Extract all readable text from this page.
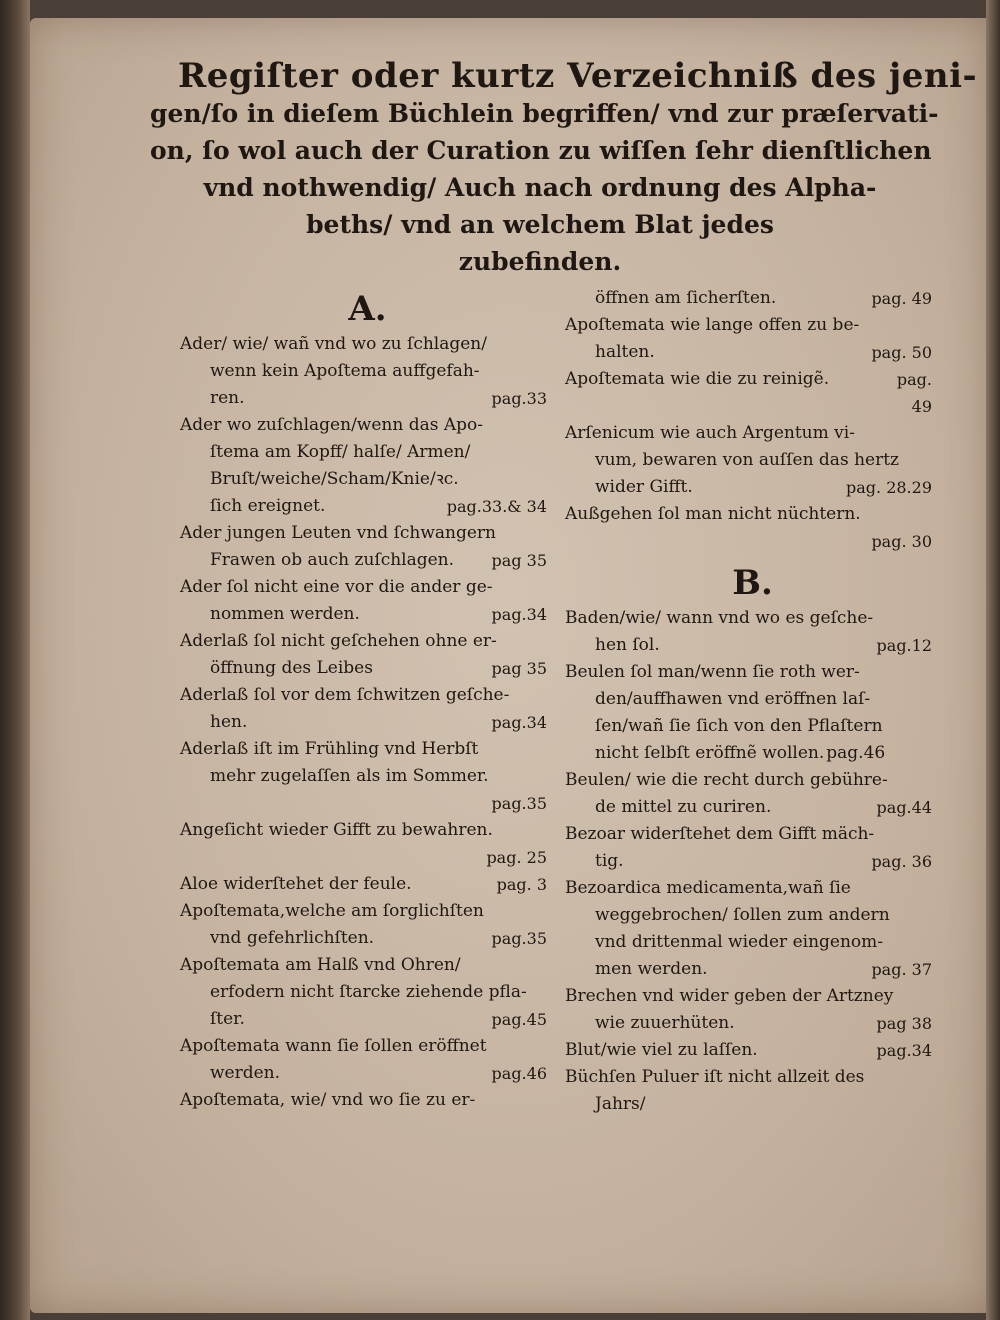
Regiſter oder kurtz Verzeichniß des jeni-
gen/ſo in dieſem Büchlein begriffen/ vnd zur præſervati-
on, ſo wol auch der Curation zu wiſſen ſehr dienſtlichen
vnd nothwendig/ Auch nach ordnung des Alpha-
beths/ vnd an welchem Blat jedes
zubefinden.
A.
Ader/ wie/ wañ vnd wo zu ſchlagen/
wenn kein Apoſtema auffgefah-
ren.	pag.33
Ader wo zuſchlagen/wenn das Apo-
ſtema am Kopff/ halſe/ Armen/
Bruſt/weiche/Scham/Knie/ꝛc.
ſich ereignet.	pag.33.& 34
Ader jungen Leuten vnd ſchwangern
Frawen ob auch zuſchlagen. pag 35
Ader ſol nicht eine vor die ander ge-
nommen werden.	pag.34
Aderlaß ſol nicht geſchehen ohne er-
öffnung des Leibes	pag 35
Aderlaß ſol vor dem ſchwitzen geſche-
hen.	pag.34
Aderlaß iſt im Frühling vnd Herbſt
mehr zugelaſſen als im Sommer.
pag.35
Angeſicht wieder Gifft zu bewahren.
pag. 25
Aloe widerſtehet der feule.	pag. 3
Apoſtemata,welche am ſorglichſten
vnd gefehrlichſten.	pag.35
Apoſtemata am Halß vnd Ohren/
erfodern nicht ſtarcke ziehende pfla-
ſter.	pag.45
Apoſtemata wann ſie ſollen eröffnet
werden.	pag.46
Apoſtemata, wie/ vnd wo ſie zu er-
öffnen am ſicherſten.	pag. 49
Apoſtemata wie lange offen zu be-
halten.	pag. 50
Apoſtemata wie die zu reinigẽ.	pag.
49
Arſenicum wie auch Argentum vi-
vum, bewaren von auſſen das hertz
wider Gifft.	pag. 28.29
Außgehen ſol man nicht nüchtern.
pag. 30
B.
Baden/wie/ wann vnd wo es geſche-
hen ſol.	pag.12
Beulen ſol man/wenn ſie roth wer-
den/auffhawen vnd eröffnen laſ-
ſen/wañ ſie ſich von den Pflaſtern
nicht ſelbſt eröffnẽ wollen. pag.46
Beulen/ wie die recht durch gebühre-
de mittel zu curiren.	pag.44
Bezoar widerſtehet dem Gifft mäch-
tig.	pag. 36
Bezoardica medicamenta,wañ ſie
weggebrochen/ ſollen zum andern
vnd drittenmal wieder eingenom-
men werden.	pag. 37
Brechen vnd wider geben der Artzney
wie zuuerhüten.	pag 38
Blut/wie viel zu laſſen.	pag.34
Büchſen Puluer iſt nicht allzeit des
Jahrs/
